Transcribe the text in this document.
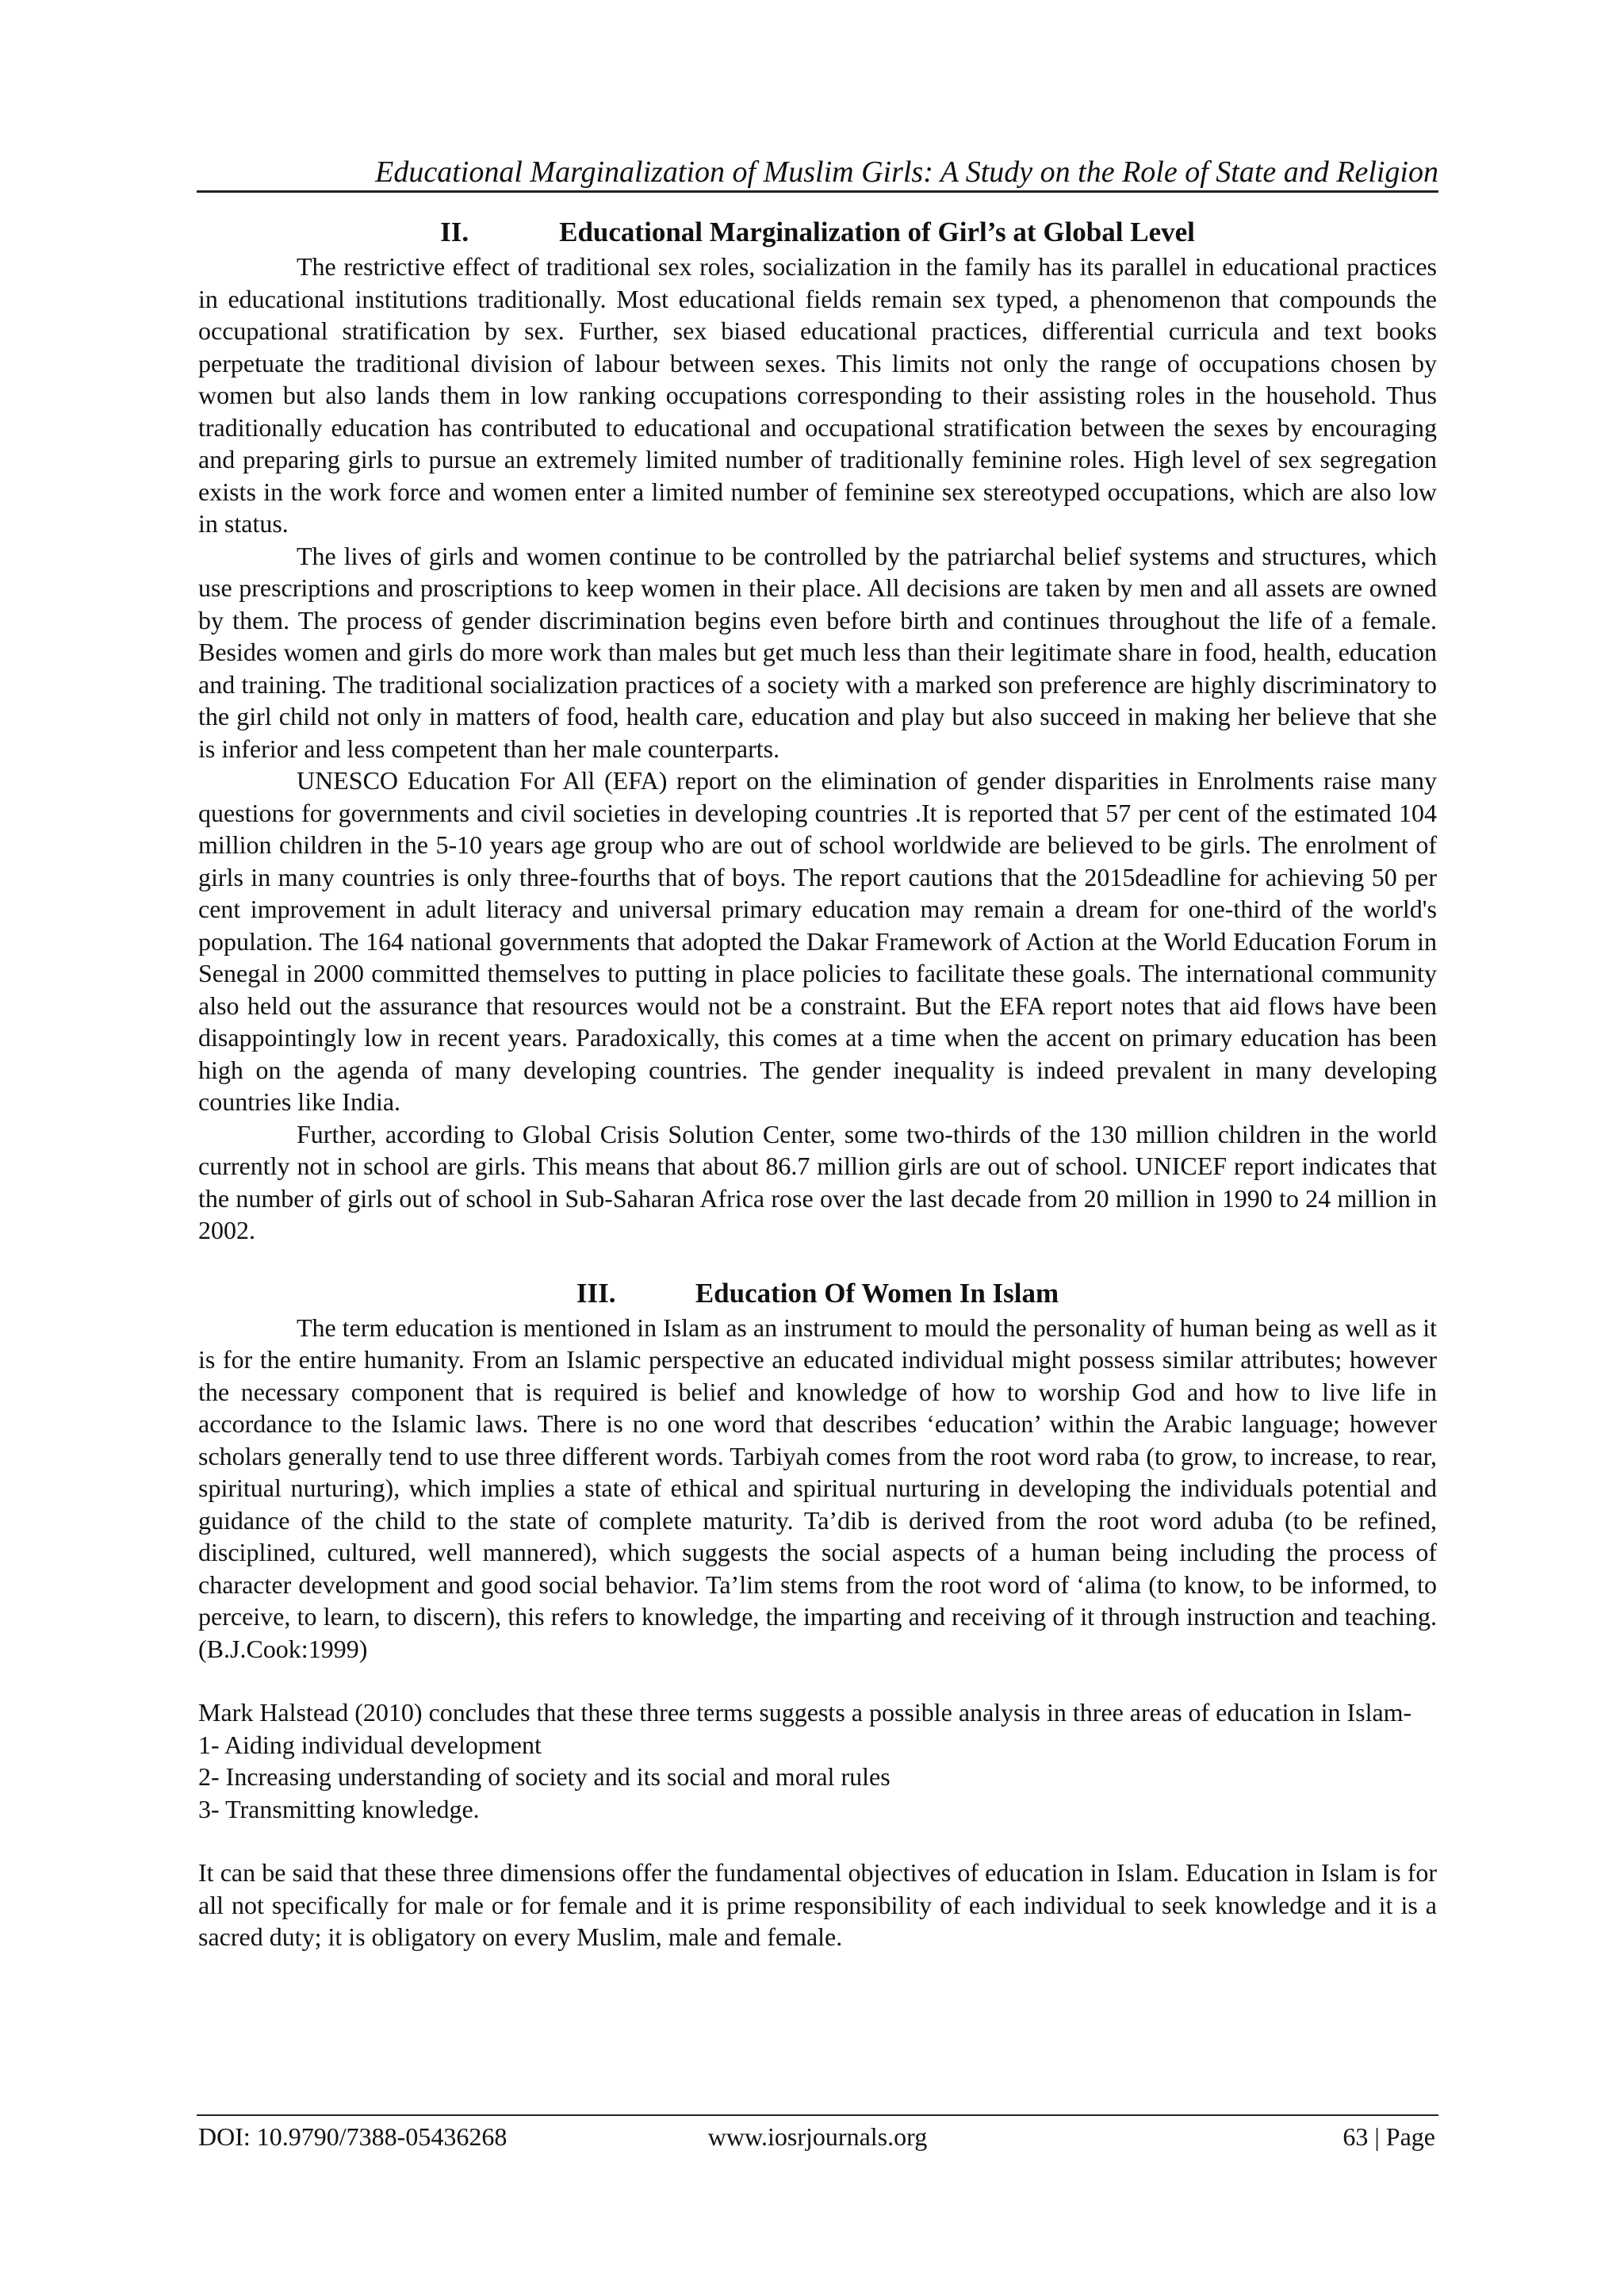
Educational Marginalization of Muslim Girls: A Study on the Role of State and Religion
II.	Educational Marginalization of Girl’s at Global Level

The restrictive effect of traditional sex roles, socialization in the family has its parallel in educational practices in educational institutions traditionally. Most educational fields remain sex typed, a phenomenon that compounds the occupational stratification by sex. Further, sex biased educational practices, differential curricula and text books perpetuate the traditional division of labour between sexes. This limits not only the range of occupations chosen by women but also lands them in low ranking occupations corresponding to their assisting roles in the household. Thus traditionally education has contributed to educational and occupational stratification between the sexes by encouraging and preparing girls to pursue an extremely limited number of traditionally feminine roles. High level of sex segregation exists in the work force and women enter a limited number of feminine sex stereotyped occupations, which are also low in status.

The lives of girls and women continue to be controlled by the patriarchal belief systems and structures, which use prescriptions and proscriptions to keep women in their place. All decisions are taken by men and all assets are owned by them. The process of gender discrimination begins even before birth and continues throughout the life of a female. Besides women and girls do more work than males but get much less than their legitimate share in food, health, education and training. The traditional socialization practices of a society with a marked son preference are highly discriminatory to the girl child not only in matters of food, health care, education and play but also succeed in making her believe that she is inferior and less competent than her male counterparts.

UNESCO Education For All (EFA) report on the elimination of gender disparities in Enrolments raise many questions for governments and civil societies in developing countries .It is reported that 57 per cent of the estimated 104 million children in the 5-10 years age group who are out of school worldwide are believed to be girls. The enrolment of girls in many countries is only three-fourths that of boys. The report cautions that the 2015deadline for achieving 50 per cent improvement in adult literacy and universal primary education may remain a dream for one-third of the world's population. The 164 national governments that adopted the Dakar Framework of Action at the World Education Forum in Senegal in 2000 committed themselves to putting in place policies to facilitate these goals. The international community also held out the assurance that resources would not be a constraint. But the EFA report notes that aid flows have been disappointingly low in recent years. Paradoxically, this comes at a time when the accent on primary education has been high on the agenda of many developing countries. The gender inequality is indeed prevalent in many developing countries like India.

Further, according to Global Crisis Solution Center, some two-thirds of the 130 million children in the world currently not in school are girls. This means that about 86.7 million girls are out of school. UNICEF report indicates that the number of girls out of school in Sub-Saharan Africa rose over the last decade from 20 million in 1990 to 24 million in 2002.

III.	Education Of Women In Islam

The term education is mentioned in Islam as an instrument to mould the personality of human being as well as it is for the entire humanity. From an Islamic perspective an educated individual might possess similar attributes; however the necessary component that is required is belief and knowledge of how to worship God and how to live life in accordance to the Islamic laws. There is no one word that describes ‘education’ within the Arabic language; however scholars generally tend to use three different words. Tarbiyah comes from the root word raba (to grow, to increase, to rear, spiritual nurturing), which implies a state of ethical and spiritual nurturing in developing the individuals potential and guidance of the child to the state of complete maturity. Ta’dib is derived from the root word aduba (to be refined, disciplined, cultured, well mannered), which suggests the social aspects of a human being including the process of character development and good social behavior. Ta’lim stems from the root word of ‘alima (to know, to be informed, to perceive, to learn, to discern), this refers to knowledge, the imparting and receiving of it through instruction and teaching. (B.J.Cook:1999)

Mark Halstead (2010) concludes that these three terms suggests a possible analysis in three areas of education in Islam-

1- Aiding individual development
2- Increasing understanding of society and its social and moral rules
3- Transmitting knowledge.

It can be said that these three dimensions offer the fundamental objectives of education in Islam. Education in Islam is for all not specifically for male or for female and it is prime responsibility of each individual to seek knowledge and it is a sacred duty; it is obligatory on every Muslim, male and female.

DOI: 10.9790/7388-05436268	www.iosrjournals.org	63 | Page
